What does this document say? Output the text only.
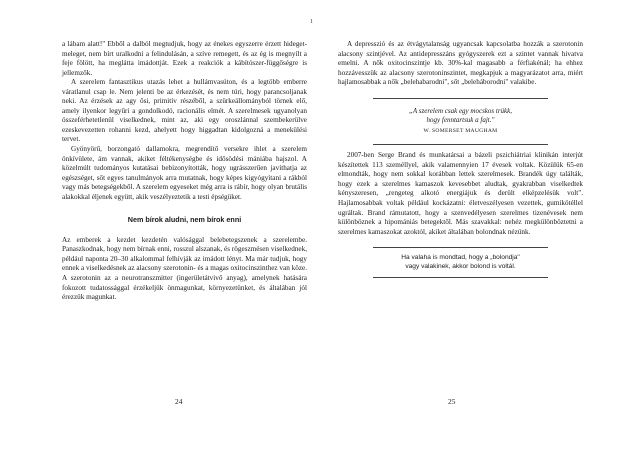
1

a lábam alatt!" Ebből a dalból megtudjuk, hogy az énekes egyszerre érzett hideget-meleget, nem bírt uralkodni a felindulásán, a szíve remegett, és az ég is megnyílt a feje fölött, ha meglátta imádottját. Ezek a reakciók a kábítószer-függőségre is jellemzők.

A szerelem fantasztikus utazás lehet a hullámvasúton, és a legtöbb emberre váratlanul csap le. Nem jelenti be az érkezését, és nem túri, hogy parancsoljanak neki. Az érzések az agy ősi, primitív részéből, a szürkeállományból törnek elő, amely ilyenkor legyűri a gondolkodó, racionális elmét. A szerelmesek ugyanolyan összeférhetetlenül viselkednek, mint az, aki egy oroszlánnal szembekerülve ezeskevezetten rohanni kezd, ahelyett hogy higgadtan kidolgozná a menekülési tervet.

Gyönyörű, borzongató dallamokra, megrendítő versekre ihlet a szerelem önkívülete, ám vannak, akiket féltékenységbe és idősödési mániába hajszol. A közelmúlt tudományos kutatásai bebizonyították, hogy ugrásszerűen javíthatja az egészséget, sőt egyes tanulmányok arra mutatnak, hogy képes kigyógyítani a rákból vagy más betegségekből. A szerelem egyeseket még arra is rábír, hogy olyan brutális alakokkal éljenek együtt, akik veszélyeztetik a testi épségüket.

Nem bírok aludni, nem bírok enni

Az emberek a kezdet kezdetén valósággal belebetegszenek a szerelembe. Panaszkodnak, hogy nem bírnak enni, rosszul alszanak, és rögeszmésen viselkednek, például naponta 20–30 alkalommal felhívják az imádott lényt. Ma már tudjuk, hogy ennek a viselkedésnek az alacsony szerotonin- és a magas oxitocinszinthez van köze. A szerotonin az a neurotranszmitter (ingerületátvivő anyag), amelynek hatására fokozott tudatossággal érzékeljük önmagunkat, környezetünket, és általában jól érezzük magunkat.

24

A depresszió és az étvágytalanság ugyancsak kapcsolatba hozzák a szerotonin alacsony szintjével. Az antidepresszáns gyógyszerek ezt a szintet vannak hivatva emelni. A nők oxitocinszintje kb. 30%-kal magasabb a férfiakénál; ha ehhez hozzávesszük az alacsony szerotoninszintet, megkapjuk a magyarázatot arra, miért hajlamosabbak a nők „belehabarodni", sőt „beleháborodni" valakibe.

„A szerelem csak egy mocskos trükk,
hogy fenntartsuk a fajt."
W. SOMERSET MAUGHAM

2007-ben Serge Brand és munkatársai a bázeli pszichiátriai klinikán interjút készítettek 113 személlyel, akik valamennyien 17 évesek voltak. Közülük 65-en elmondták, hogy nem sokkal korábban lettek szerelmesek. Brandék úgy találták, hogy ezek a szerelmes kamaszok kevesebbet aludtak, gyakrabban viselkedtek kényszeresen, „rengeteg alkotó energiájuk és derült elképzelésük volt". Hajlamosabbak voltak például kockázatni: életveszélyesen vezettek, gumikötéllel ugráltak. Brand rámutatott, hogy a szenvedélyesen szerelmes tizenévesek nem különböznek a hipomániás betegektől. Más szavakkal: nehéz megkülönböztetni a szerelmes kamaszokat azoktól, akiket általában bolondnak nézünk.

Ha valaha is mondtad, hogy a „bolondja"
vagy valakinek, akkor bolond is voltál.
25
